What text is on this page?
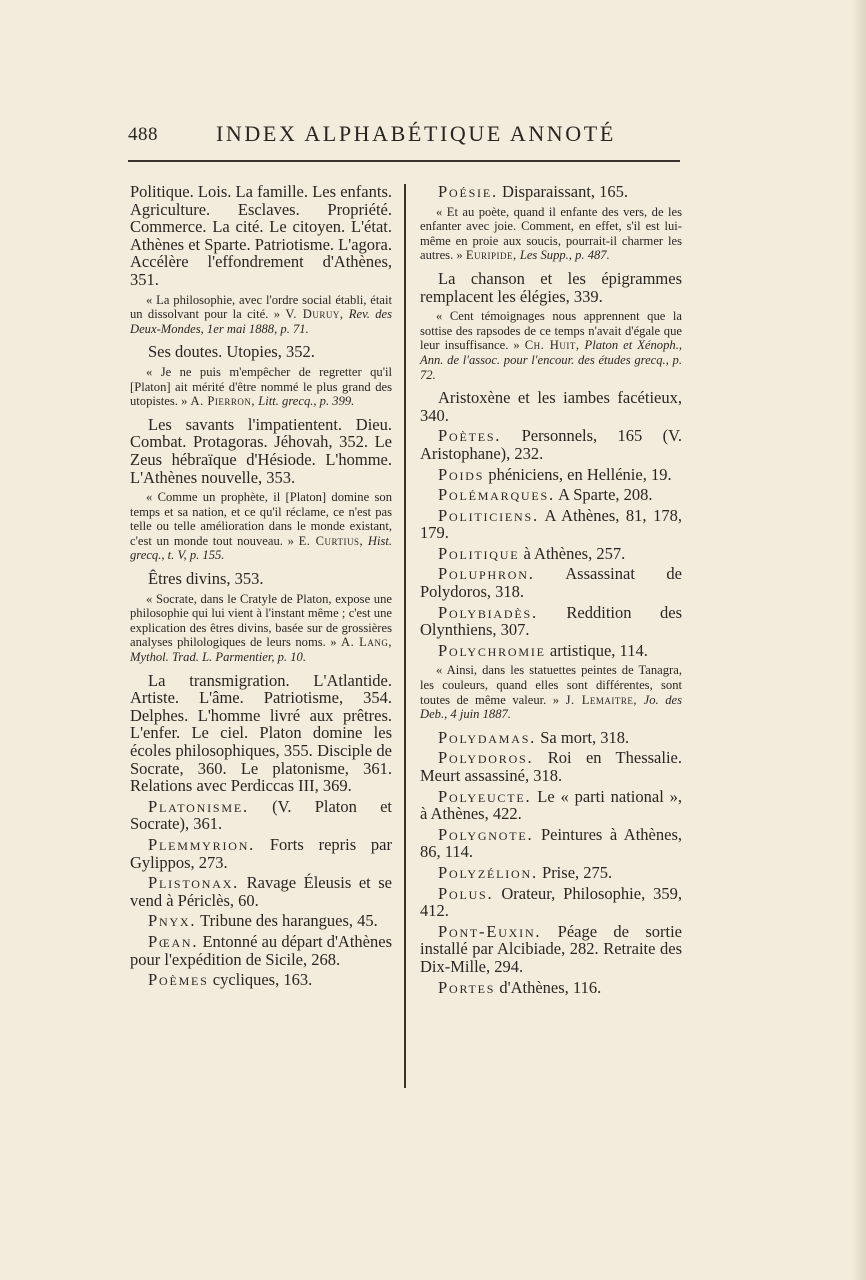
488	INDEX ALPHABÉTIQUE ANNOTÉ

Politique. Lois. La famille. Les enfants. Agriculture. Esclaves. Propriété. Commerce. La cité. Le citoyen. L'état. Athènes et Sparte. Patriotisme. L'agora. Accélère l'effondrement d'Athènes, 351.

« La philosophie, avec l'ordre social établi, était un dissolvant pour la cité. » V. Duruy, Rev. des Deux-Mondes, 1er mai 1888, p. 71.

Ses doutes. Utopies, 352.

« Je ne puis m'empêcher de regretter qu'il [Platon] ait mérité d'être nommé le plus grand des utopistes. » A. Pierron, Litt. grecq., p. 399.

Les savants l'impatientent. Dieu. Combat. Protagoras. Jéhovah, 352. Le Zeus hébraïque d'Hésiode. L'homme. L'Athènes nouvelle, 353.

« Comme un prophète, il [Platon] domine son temps et sa nation, et ce qu'il réclame, ce n'est pas telle ou telle amélioration dans le monde existant, c'est un monde tout nouveau. » E. Curtius, Hist. grecq., t. V, p. 155.

Êtres divins, 353.

« Socrate, dans le Cratyle de Platon, expose une philosophie qui lui vient à l'instant même ; c'est une explication des êtres divins, basée sur de grossières analyses philologiques de leurs noms. » A. Lang, Mythol. Trad. L. Parmentier, p. 10.

La transmigration. L'Atlantide. Artiste. L'âme. Patriotisme, 354. Delphes. L'homme livré aux prêtres. L'enfer. Le ciel. Platon domine les écoles philosophiques, 355. Disciple de Socrate, 360. Le platonisme, 361. Relations avec Perdiccas III, 369.

Platonisme. (V. Platon et Socrate), 361.

Plemmyrion. Forts repris par Gylippos, 273.

Plistonax. Ravage Éleusis et se vend à Périclès, 60.

Pnyx. Tribune des harangues, 45.

Pœan. Entonné au départ d'Athènes pour l'expédition de Sicile, 268.

Poèmes cycliques, 163.

Poésie. Disparaissant, 165.

« Et au poète, quand il enfante des vers, de les enfanter avec joie. Comment, en effet, s'il est lui-même en proie aux soucis, pourrait-il charmer les autres. » Euripide, Les Supp., p. 487.

La chanson et les épigrammes remplacent les élégies, 339.

« Cent témoignages nous apprennent que la sottise des rapsodes de ce temps n'avait d'égale que leur insuffisance. » Ch. Huit, Platon et Xénoph., Ann. de l'assoc. pour l'encour. des études grecq., p. 72.

Aristoxène et les iambes facétieux, 340.

Poètes. Personnels, 165 (V. Aristophane), 232.

Poids phéniciens, en Hellénie, 19.

Polémarques. A Sparte, 208.

Politiciens. A Athènes, 81, 178, 179.

Politique à Athènes, 257.

Poluphron. Assassinat de Polydoros, 318.

Polybiadès. Reddition des Olynthiens, 307.

Polychromie artistique, 114.

« Ainsi, dans les statuettes peintes de Tanagra, les couleurs, quand elles sont différentes, sont toutes de même valeur. » J. Lemaitre, Jo. des Deb., 4 juin 1887.

Polydamas. Sa mort, 318.

Polydoros. Roi en Thessalie. Meurt assassiné, 318.

Polyeucte. Le « parti national », à Athènes, 422.

Polygnote. Peintures à Athènes, 86, 114.

Polyzélion. Prise, 275.

Polus. Orateur, Philosophie, 359, 412.

Pont-Euxin. Péage de sortie installé par Alcibiade, 282. Retraite des Dix-Mille, 294.

Portes d'Athènes, 116.
